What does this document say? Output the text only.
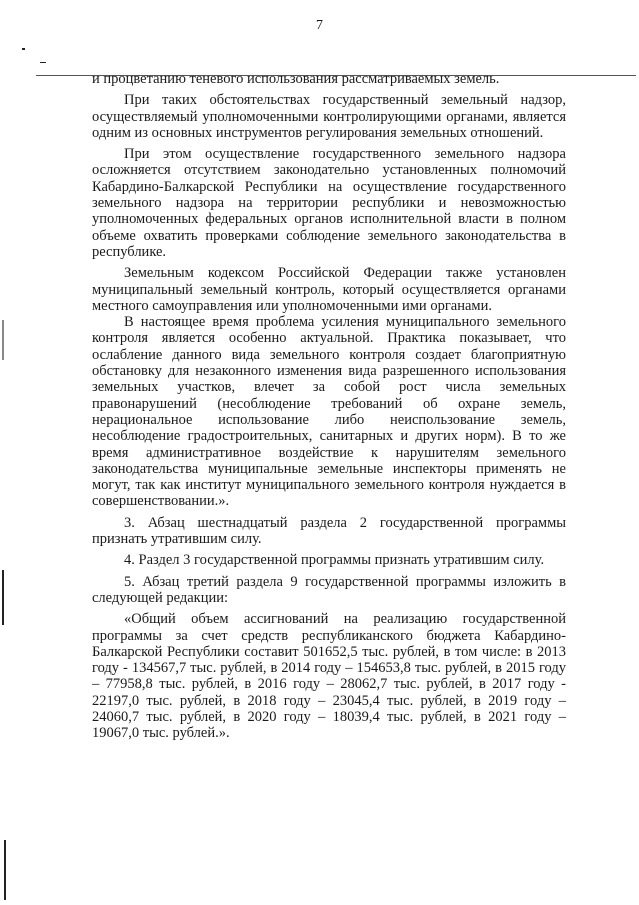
7

и процветанию теневого использования рассматриваемых земель.

При таких обстоятельствах государственный земельный надзор, осуществляемый уполномоченными контролирующими органами, является одним из основных инструментов регулирования земельных отношений.

При этом осуществление государственного земельного надзора осложняется отсутствием законодательно установленных полномочий Кабардино-Балкарской Республики на осуществление государственного земельного надзора на территории республики и невозможностью уполномоченных федеральных органов исполнительной власти в полном объеме охватить проверками соблюдение земельного законодательства в республике.

Земельным кодексом Российской Федерации также установлен муниципальный земельный контроль, который осуществляется органами местного самоуправления или уполномоченными ими органами.

В настоящее время проблема усиления муниципального земельного контроля является особенно актуальной. Практика показывает, что ослабление данного вида земельного контроля создает благоприятную обстановку для незаконного изменения вида разрешенного использования земельных участков, влечет за собой рост числа земельных правонарушений (несоблюдение требований об охране земель, нерациональное использование либо неиспользование земель, несоблюдение градостроительных, санитарных и других норм). В то же время административное воздействие к нарушителям земельного законодательства муниципальные земельные инспекторы применять не могут, так как институт муниципального земельного контроля нуждается в совершенствовании.».

3. Абзац шестнадцатый раздела 2 государственной программы признать утратившим силу.

4. Раздел 3 государственной программы признать утратившим силу.

5. Абзац третий раздела 9 государственной программы изложить в следующей редакции:

«Общий объем ассигнований на реализацию государственной программы за счет средств республиканского бюджета Кабардино-Балкарской Республики составит 501652,5 тыс. рублей, в том числе: в 2013 году - 134567,7 тыс. рублей, в 2014 году – 154653,8 тыс. рублей, в 2015 году – 77958,8 тыс. рублей, в 2016 году – 28062,7 тыс. рублей, в 2017 году - 22197,0 тыс. рублей, в 2018 году – 23045,4 тыс. рублей, в 2019 году – 24060,7 тыс. рублей, в 2020 году – 18039,4 тыс. рублей, в 2021 году – 19067,0 тыс. рублей.».
